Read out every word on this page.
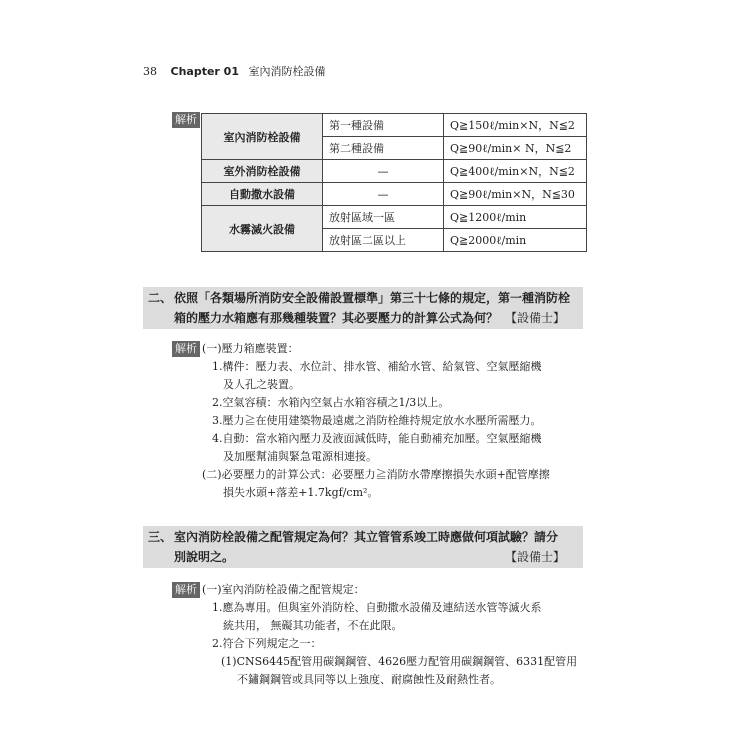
38 Chapter 01 室內消防栓設備
解析
室內消防栓設備	第一種設備	Q≧150ℓ/min×N，N≦2
	第二種設備	Q≧90ℓ/min× N，N≦2
室外消防栓設備	—	Q≧400ℓ/min×N，N≦2
自動撒水設備	—	Q≧90ℓ/min×N，N≦30
水霧滅火設備	放射區域一區	Q≧1200ℓ/min
	放射區二區以上	Q≧2000ℓ/min
二、 依照「各類場所消防安全設備設置標準」第三十七條的規定，第一種消防栓
箱的壓力水箱應有那幾種裝置？其必要壓力的計算公式為何？ 【設備士】
解析 (一)壓力箱應裝置：
1.構件：壓力表、水位計、排水管、補給水管、給氣管、空氣壓縮機
及人孔之裝置。
2.空氣容積：水箱內空氣占水箱容積之1/3以上。
3.壓力≧在使用建築物最遠處之消防栓維持規定放水水壓所需壓力。
4.自動：當水箱內壓力及液面減低時，能自動補充加壓。空氣壓縮機
及加壓幫浦與緊急電源相連接。
(二)必要壓力的計算公式：必要壓力≧消防水帶摩擦損失水頭+配管摩擦
損失水頭+落差+1.7kgf/cm²。
三、 室內消防栓設備之配管規定為何？其立管管系竣工時應做何項試驗？請分
別說明之。	【設備士】
解析 (一)室內消防栓設備之配管規定：
1.應為專用。但與室外消防栓、自動撒水設備及連結送水管等滅火系
統共用， 無礙其功能者，不在此限。
2.符合下列規定之一：
(1)CNS6445配管用碳鋼鋼管、4626壓力配管用碳鋼鋼管、6331配管用
不鏽鋼鋼管或具同等以上強度、耐腐蝕性及耐熱性者。
